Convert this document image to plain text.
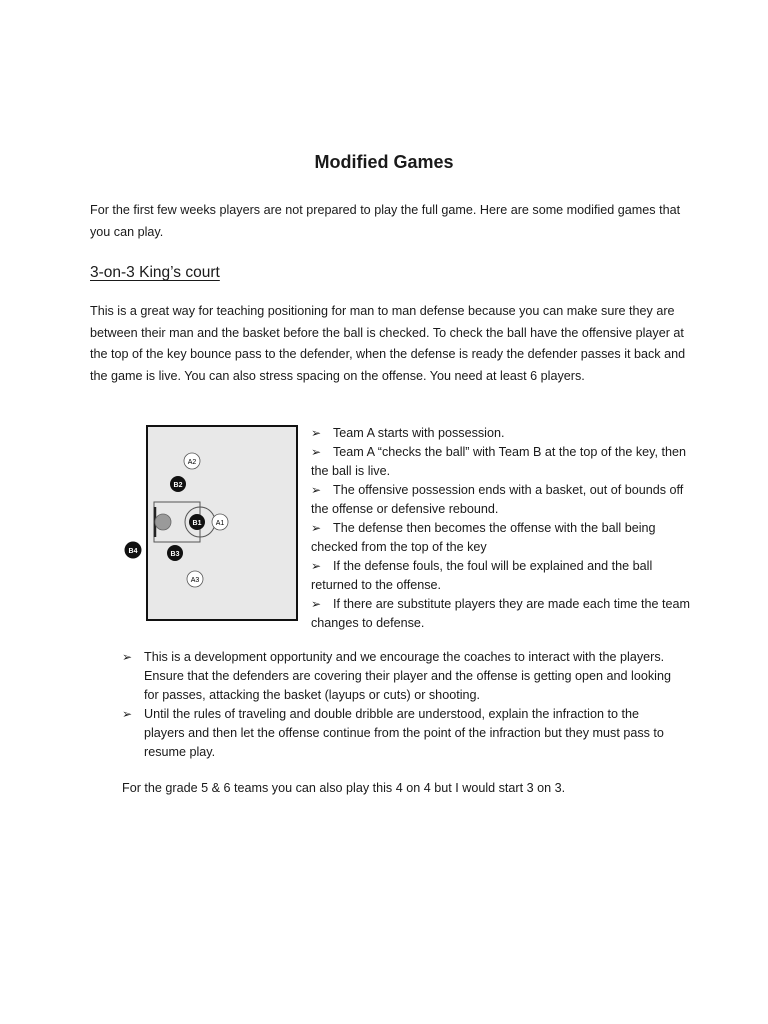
Modified Games
For the first few weeks players are not prepared to play the full game. Here are some modified games that you can play.
3-on-3 King’s court
This is a great way for teaching positioning for man to man defense because you can make sure they are between their man and the basket before the ball is checked. To check the ball have the offensive player at the top of the key bounce pass to the defender, when the defense is ready the defender passes it back and the game is live. You can also stress spacing on the offense. You need at least 6 players.
A2
B2
B1 A1
B3
A3
B4
➢ Team A starts with possession.
➢ Team A “checks the ball” with Team B at the top of the key, then the ball is live.
➢ The offensive possession ends with a basket, out of bounds off the offense or defensive rebound.
➢ The defense then becomes the offense with the ball being checked from the top of the key
➢ If the defense fouls, the foul will be explained and the ball returned to the offense.
➢ If there are substitute players they are made each time the team changes to defense.
➢ This is a development opportunity and we encourage the coaches to interact with the players. Ensure that the defenders are covering their player and the offense is getting open and looking for passes, attacking the basket (layups or cuts) or shooting.
➢ Until the rules of traveling and double dribble are understood, explain the infraction to the players and then let the offense continue from the point of the infraction but they must pass to resume play.
For the grade 5 & 6 teams you can also play this 4 on 4 but I would start 3 on 3.
